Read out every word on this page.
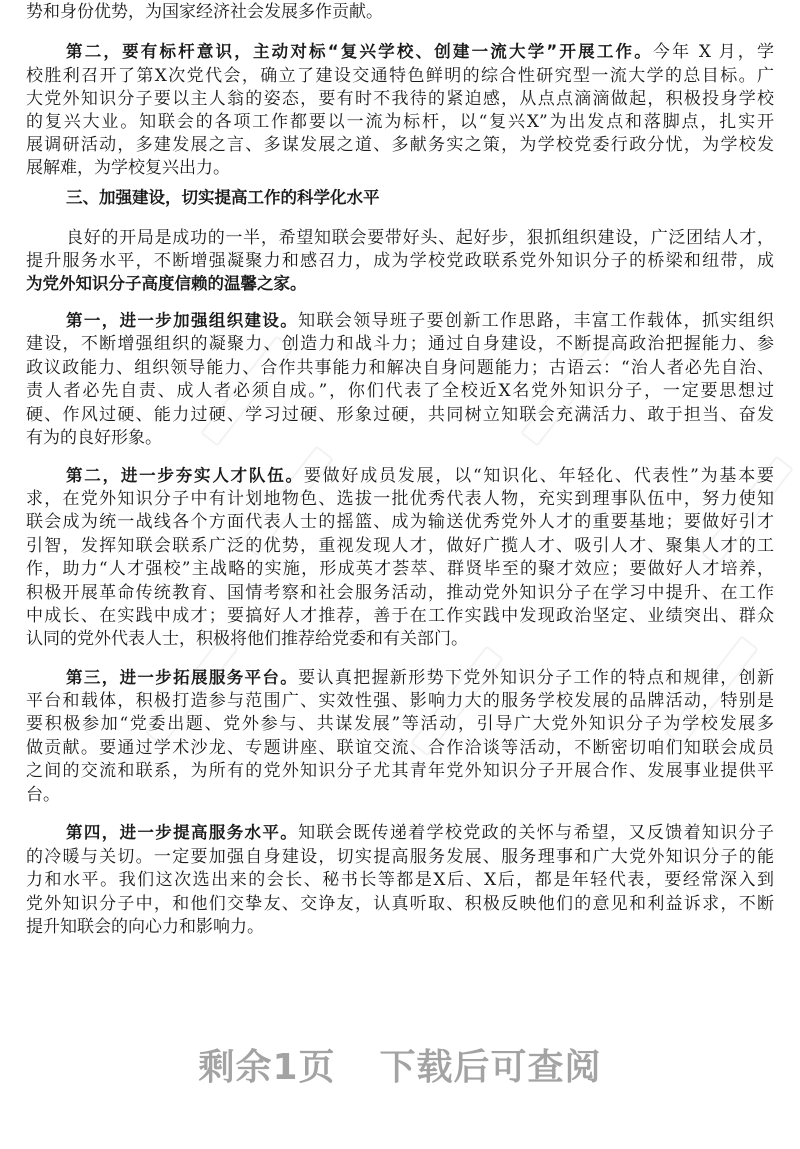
势和身份优势，为国家经济社会发展多作贡献。
第二，要有标杆意识，主动对标“复兴学校、创建一流大学”开展工作。今年 X 月，学
校胜利召开了第X次党代会，确立了建设交通特色鲜明的综合性研究型一流大学的总目标。广
大党外知识分子要以主人翁的姿态，要有时不我待的紧迫感，从点点滴滴做起，积极投身学校
的复兴大业。知联会的各项工作都要以一流为标杆，以“复兴X”为出发点和落脚点，扎实开
展调研活动，多建发展之言、多谋发展之道、多献务实之策，为学校党委行政分忧，为学校发
展解难，为学校复兴出力。
三、加强建设，切实提高工作的科学化水平
良好的开局是成功的一半，希望知联会要带好头、起好步，狠抓组织建设，广泛团结人才，
提升服务水平，不断增强凝聚力和感召力，成为学校党政联系党外知识分子的桥梁和纽带，成
为党外知识分子高度信赖的温馨之家。
第一，进一步加强组织建设。知联会领导班子要创新工作思路，丰富工作载体，抓实组织
建设，不断增强组织的凝聚力、创造力和战斗力；通过自身建设，不断提高政治把握能力、参
政议政能力、组织领导能力、合作共事能力和解决自身问题能力；古语云：“治人者必先自治、
责人者必先自责、成人者必须自成。”，你们代表了全校近X名党外知识分子，一定要思想过
硬、作风过硬、能力过硬、学习过硬、形象过硬，共同树立知联会充满活力、敢于担当、奋发
有为的良好形象。
第二，进一步夯实人才队伍。要做好成员发展，以“知识化、年轻化、代表性”为基本要
求，在党外知识分子中有计划地物色、选拔一批优秀代表人物，充实到理事队伍中，努力使知
联会成为统一战线各个方面代表人士的摇篮、成为输送优秀党外人才的重要基地；要做好引才
引智，发挥知联会联系广泛的优势，重视发现人才，做好广揽人才、吸引人才、聚集人才的工
作，助力“人才强校”主战略的实施，形成英才荟萃、群贤毕至的聚才效应；要做好人才培养，
积极开展革命传统教育、国情考察和社会服务活动，推动党外知识分子在学习中提升、在工作
中成长、在实践中成才；要搞好人才推荐，善于在工作实践中发现政治坚定、业绩突出、群众
认同的党外代表人士，积极将他们推荐给党委和有关部门。
第三，进一步拓展服务平台。要认真把握新形势下党外知识分子工作的特点和规律，创新
平台和载体，积极打造参与范围广、实效性强、影响力大的服务学校发展的品牌活动，特别是
要积极参加“党委出题、党外参与、共谋发展”等活动，引导广大党外知识分子为学校发展多
做贡献。要通过学术沙龙、专题讲座、联谊交流、合作洽谈等活动，不断密切咱们知联会成员
之间的交流和联系，为所有的党外知识分子尤其青年党外知识分子开展合作、发展事业提供平
台。
第四，进一步提高服务水平。知联会既传递着学校党政的关怀与希望，又反馈着知识分子
的冷暖与关切。一定要加强自身建设，切实提高服务发展、服务理事和广大党外知识分子的能
力和水平。我们这次选出来的会长、秘书长等都是X后、X后，都是年轻代表，要经常深入到
党外知识分子中，和他们交挚友、交诤友，认真听取、积极反映他们的意见和利益诉求，不断
提升知联会的向心力和影响力。
剩余1页 下载后可查阅
